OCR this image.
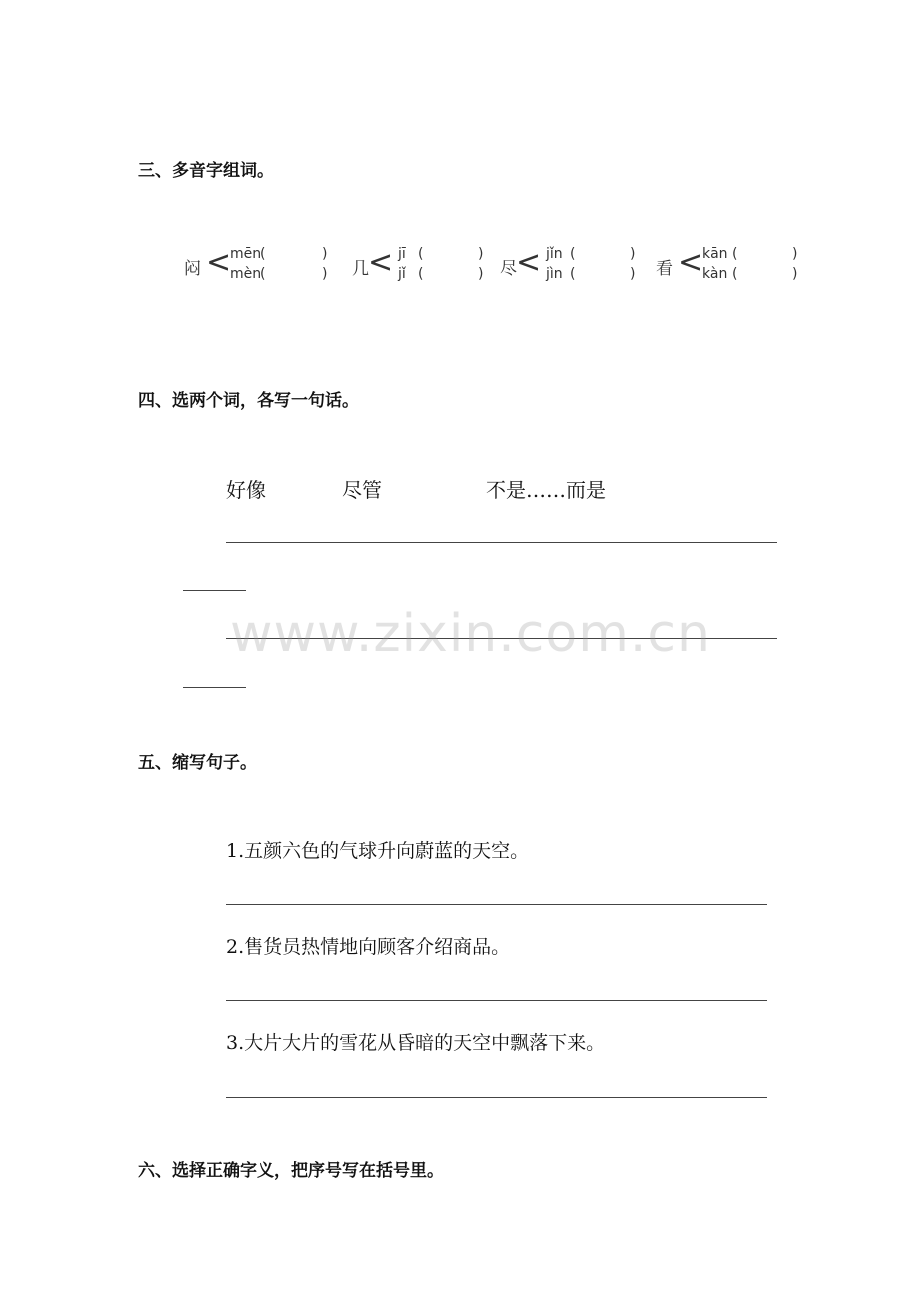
三、多音字组词。
闷 <
mēn
(	)
mèn
(	) 几 < jī (	)
jǐ (	) 尽 < jǐn (	)
jìn (	) 看 <
kān (	)
kàn (	)
四、选两个词，各写一句话。
好像	尽管	不是……而是
www.zixin.com.cn
五、缩写句子。
1.五颜六色的气球升向蔚蓝的天空。
2.售货员热情地向顾客介绍商品。
3.大片大片的雪花从昏暗的天空中飘落下来。
六、选择正确字义，把序号写在括号里。
